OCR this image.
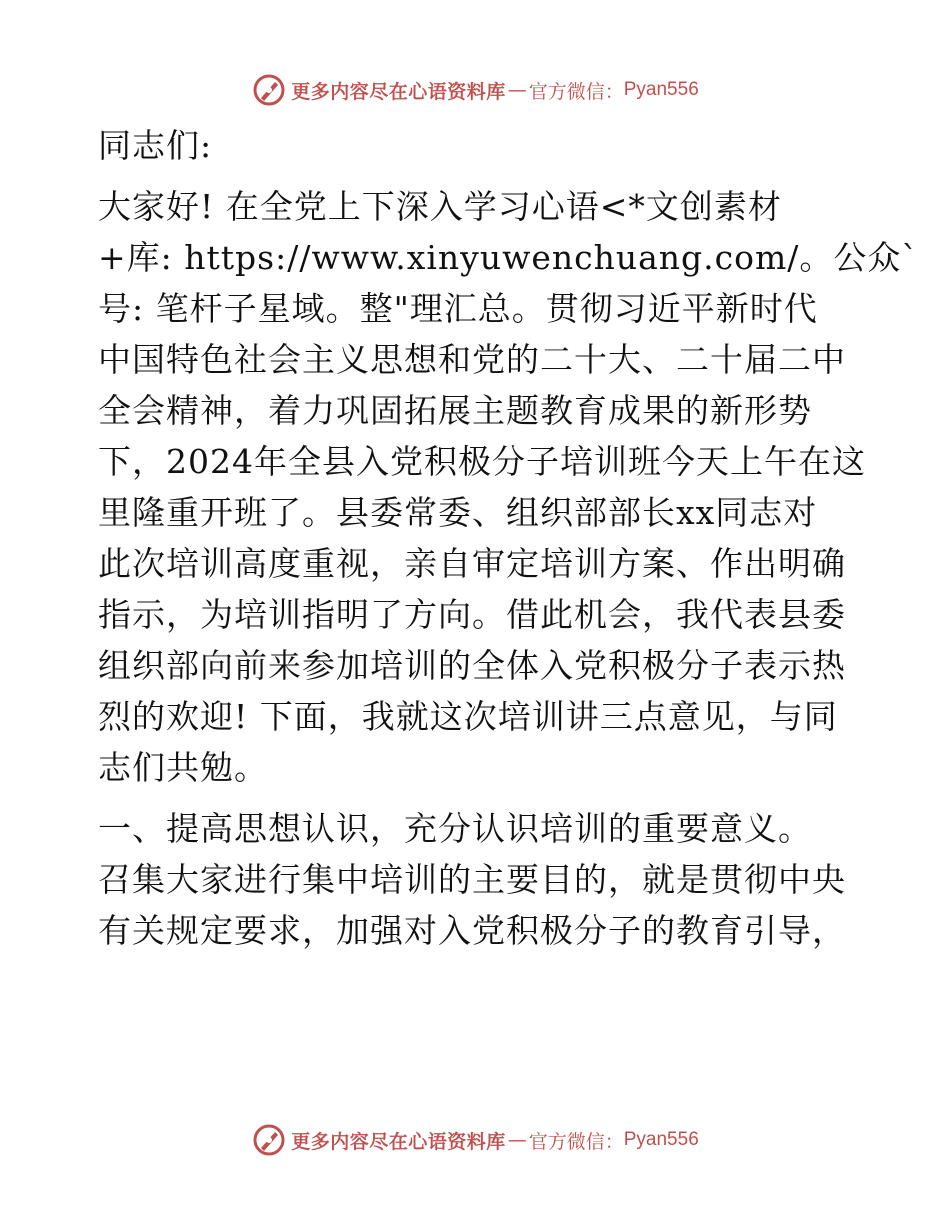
更多内容尽在心语资料库 — 官方微信： Pyan556
同志们:
大家好! 在全党上下深入学习心语<*文创素材
+库: https://www.xinyuwenchuang.com/。公众`
号: 笔杆子星域。整"理汇总。贯彻习近平新时代
中国特色社会主义思想和党的二十大、二十届二中
全会精神，着力巩固拓展主题教育成果的新形势
下，2024年全县入党积极分子培训班今天上午在这
里隆重开班了。县委常委、组织部部长xx同志对
此次培训高度重视，亲自审定培训方案、作出明确
指示，为培训指明了方向。借此机会，我代表县委
组织部向前来参加培训的全体入党积极分子表示热
烈的欢迎! 下面，我就这次培训讲三点意见，与同
志们共勉。
一、提高思想认识，充分认识培训的重要意义。
召集大家进行集中培训的主要目的，就是贯彻中央
有关规定要求，加强对入党积极分子的教育引导，
更多内容尽在心语资料库 — 官方微信： Pyan556
